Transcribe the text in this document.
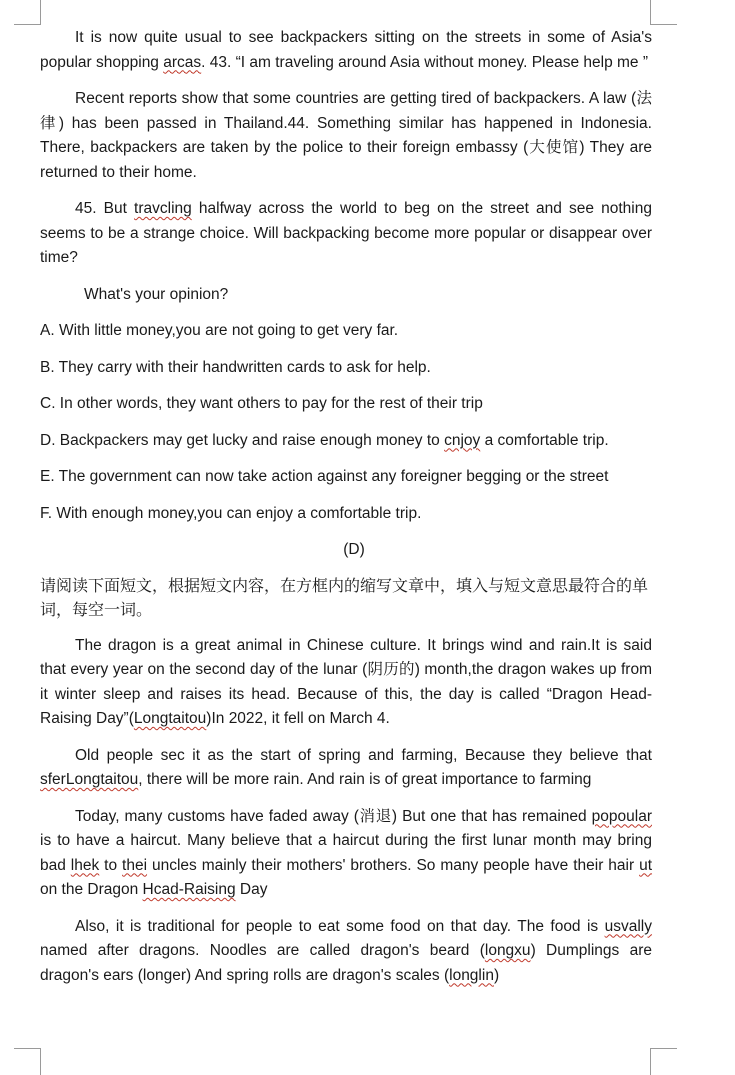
It is now quite usual to see backpackers sitting on the streets in some of Asia's popular shopping arcas. 43. “I am traveling around Asia without money. Please help me ”

Recent reports show that some countries are getting tired of backpackers. A law (法律) has been passed in Thailand.44. Something similar has happened in Indonesia. There, backpackers are taken by the police to their foreign embassy (大使馆) They are returned to their home.

45. But travcling halfway across the world to beg on the street and see nothing seems to be a strange choice. Will backpacking become more popular or disappear over time?

What's your opinion?

A. With little money,you are not going to get very far.

B. They carry with their handwritten cards to ask for help.

C. In other words, they want others to pay for the rest of their trip

D. Backpackers may get lucky and raise enough money to cnjoy a comfortable trip.

E. The government can now take action against any foreigner begging or the street

F. With enough money,you can enjoy a comfortable trip.

(D)

请阅读下面短文，根据短文内容，在方框内的缩写文章中，填入与短文意思最符合的单词，每空一词。

The dragon is a great animal in Chinese culture. It brings wind and rain.It is said that every year on the second day of the lunar (阴历的) month,the dragon wakes up from it winter sleep and raises its head. Because of this, the day is called “Dragon Head-Raising Day”(Longtaitou)In 2022, it fell on March 4.

Old people sec it as the start of spring and farming, Because they believe that sferLongtaitou, there will be more rain. And rain is of great importance to farming

Today, many customs have faded away (消退) But one that has remained popoular is to have a haircut. Many believe that a haircut during the first lunar month may bring bad lhek to thei uncles mainly their mothers' brothers. So many people have their hair ut on the Dragon Hcad-Raising Day

Also, it is traditional for people to eat some food on that day. The food is usvally named after dragons. Noodles are called dragon's beard (longxu) Dumplings are dragon's ears (longer) And spring rolls are dragon's scales (longlin)
